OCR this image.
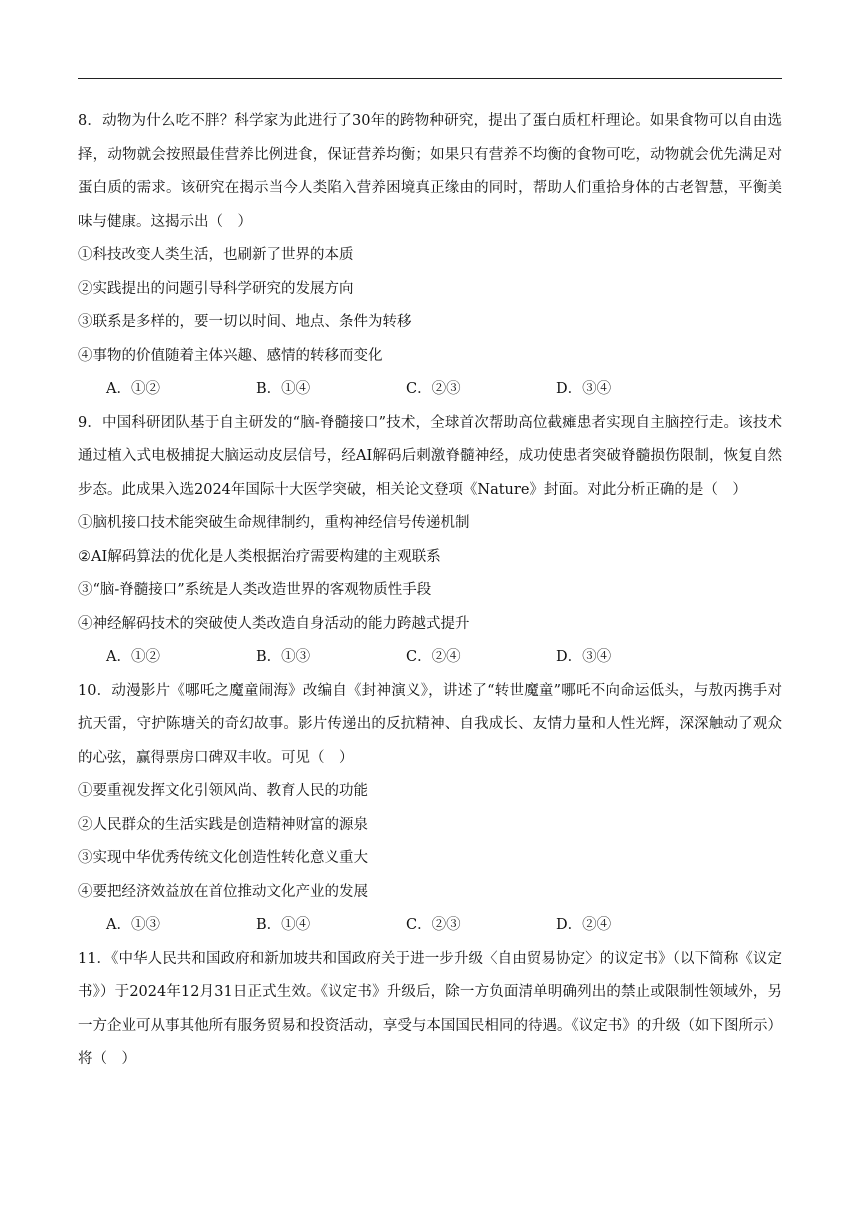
8．动物为什么吃不胖？科学家为此进行了30年的跨物种研究，提出了蛋白质杠杆理论。如果食物可以自由选择，动物就会按照最佳营养比例进食，保证营养均衡；如果只有营养不均衡的食物可吃，动物就会优先满足对蛋白质的需求。该研究在揭示当今人类陷入营养困境真正缘由的同时，帮助人们重拾身体的古老智慧，平衡美味与健康。这揭示出（　）
①科技改变人类生活，也刷新了世界的本质
②实践提出的问题引导科学研究的发展方向
③联系是多样的，要一切以时间、地点、条件为转移
④事物的价值随着主体兴趣、感情的转移而变化
A．①②	B．①④	C．②③	D．③④
9．中国科研团队基于自主研发的“脑-脊髓接口”技术，全球首次帮助高位截瘫患者实现自主脑控行走。该技术通过植入式电极捕捉大脑运动皮层信号，经AI解码后刺激脊髓神经，成功使患者突破脊髓损伤限制，恢复自然步态。此成果入选2024年国际十大医学突破，相关论文登项《Nature》封面。对此分析正确的是（　）
①脑机接口技术能突破生命规律制约，重构神经信号传递机制
②AI解码算法的优化是人类根据治疗需要构建的主观联系
③“脑-脊髓接口”系统是人类改造世界的客观物质性手段
④神经解码技术的突破使人类改造自身活动的能力跨越式提升
A．①②	B．①③	C．②④	D．③④
10．动漫影片《哪吒之魔童闹海》改编自《封神演义》，讲述了“转世魔童”哪吒不向命运低头，与敖丙携手对抗天雷，守护陈塘关的奇幻故事。影片传递出的反抗精神、自我成长、友情力量和人性光辉，深深触动了观众的心弦，赢得票房口碑双丰收。可见（　）
①要重视发挥文化引领风尚、教育人民的功能
②人民群众的生活实践是创造精神财富的源泉
③实现中华优秀传统文化创造性转化意义重大
④要把经济效益放在首位推动文化产业的发展
A．①③	B．①④	C．②③	D．②④
11．《中华人民共和国政府和新加坡共和国政府关于进一步升级〈自由贸易协定〉的议定书》（以下简称《议定书》）于2024年12月31日正式生效。《议定书》升级后，除一方负面清单明确列出的禁止或限制性领域外，另一方企业可从事其他所有服务贸易和投资活动，享受与本国国民相同的待遇。《议定书》的升级（如下图所示）将（　）
